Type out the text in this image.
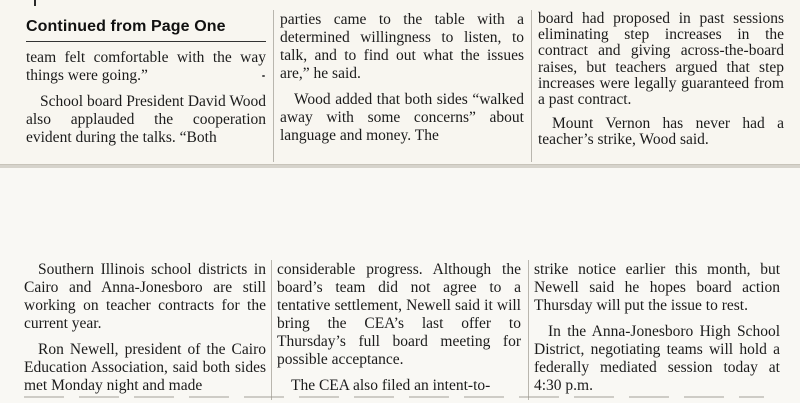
Continued from Page One

team felt comfortable with the way things were going.”

School board President David Wood also applauded the cooperation evident during the talks. “Both

parties came to the table with a determined willingness to listen, to talk, and to find out what the issues are,” he said.

Wood added that both sides “walked away with some concerns” about language and money. The

board had proposed in past sessions eliminating step increases in the contract and giving across-the-board raises, but teachers argued that step increases were legally guaranteed from a past contract.

Mount Vernon has never had a teacher’s strike, Wood said.

Southern Illinois school districts in Cairo and Anna-Jonesboro are still working on teacher contracts for the current year.

Ron Newell, president of the Cairo Education Association, said both sides met Monday night and made

considerable progress. Although the board’s team did not agree to a tentative settlement, Newell said it will bring the CEA’s last offer to Thursday’s full board meeting for possible acceptance.

The CEA also filed an intent-to-

strike notice earlier this month, but Newell said he hopes board action Thursday will put the issue to rest.

In the Anna-Jonesboro High School District, negotiating teams will hold a federally mediated session today at 4:30 p.m.
